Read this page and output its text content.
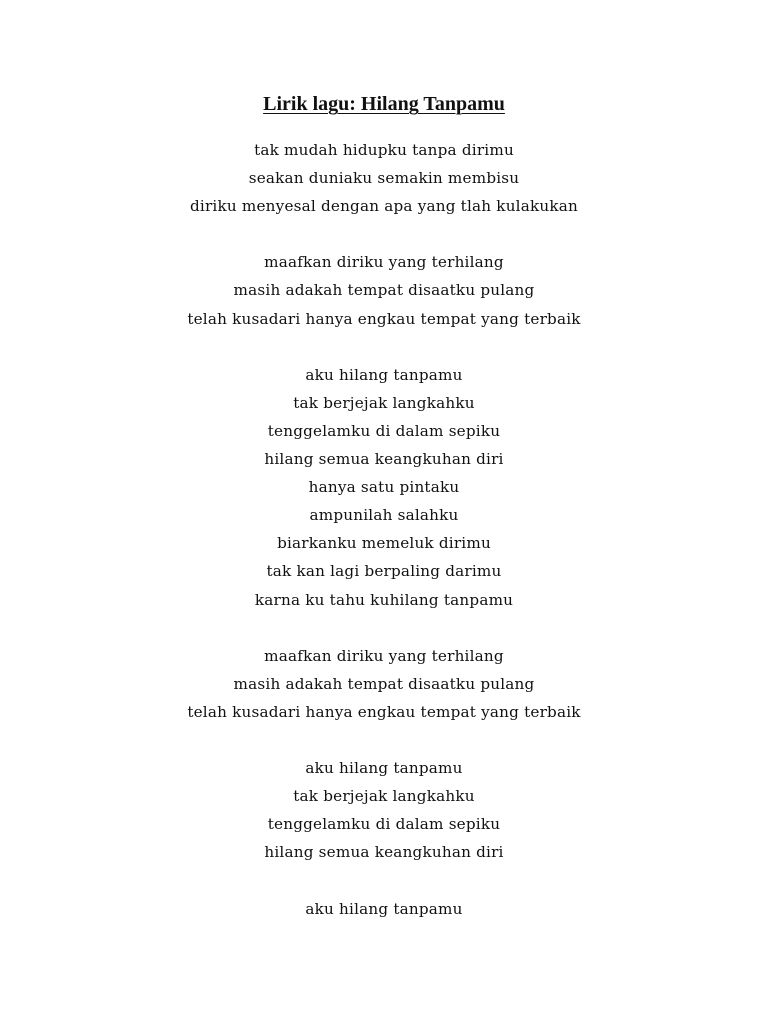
Lirik lagu: Hilang Tanpamu
tak mudah hidupku tanpa dirimu
seakan duniaku semakin membisu
diriku menyesal dengan apa yang tlah kulakukan
maafkan diriku yang terhilang
masih adakah tempat disaatku pulang
telah kusadari hanya engkau tempat yang terbaik
aku hilang tanpamu
tak berjejak langkahku
tenggelamku di dalam sepiku
hilang semua keangkuhan diri
hanya satu pintaku
ampunilah salahku
biarkanku memeluk dirimu
tak kan lagi berpaling darimu
karna ku tahu kuhilang tanpamu
maafkan diriku yang terhilang
masih adakah tempat disaatku pulang
telah kusadari hanya engkau tempat yang terbaik
aku hilang tanpamu
tak berjejak langkahku
tenggelamku di dalam sepiku
hilang semua keangkuhan diri
aku hilang tanpamu
